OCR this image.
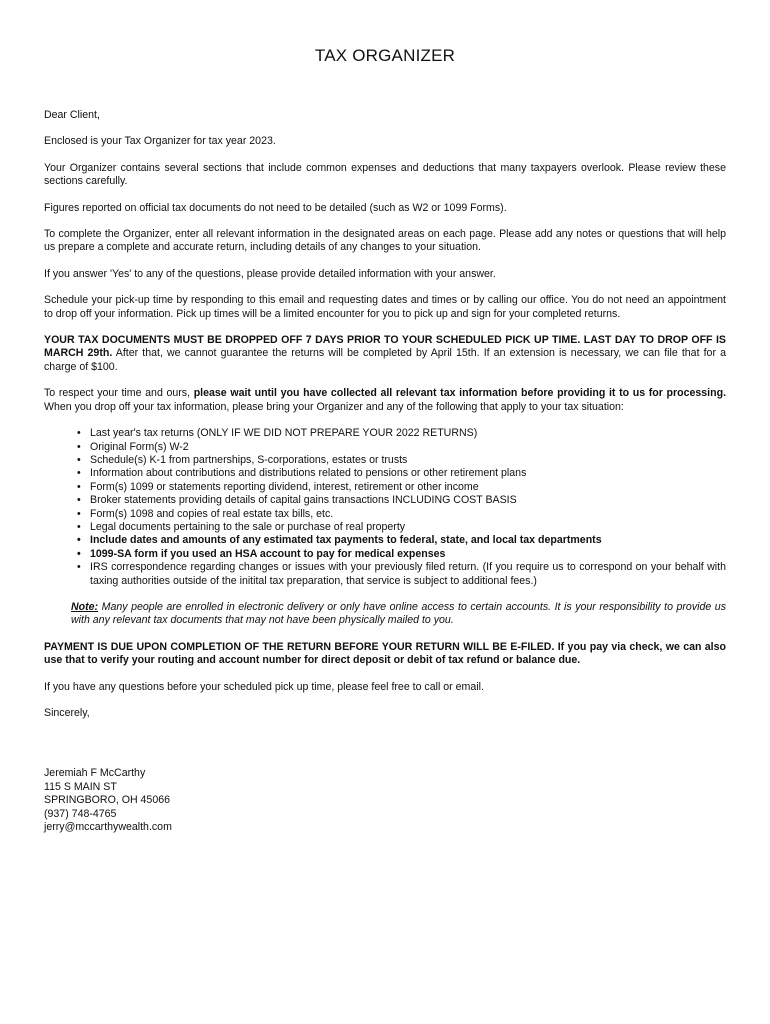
TAX ORGANIZER

Dear Client,

Enclosed is your Tax Organizer for tax year 2023.

Your Organizer contains several sections that include common expenses and deductions that many taxpayers overlook. Please review these sections carefully.

Figures reported on official tax documents do not need to be detailed (such as W2 or 1099 Forms).

To complete the Organizer, enter all relevant information in the designated areas on each page. Please add any notes or questions that will help us prepare a complete and accurate return, including details of any changes to your situation.

If you answer 'Yes' to any of the questions, please provide detailed information with your answer.

Schedule your pick-up time by responding to this email and requesting dates and times or by calling our office. You do not need an appointment to drop off your information. Pick up times will be a limited encounter for you to pick up and sign for your completed returns.

YOUR TAX DOCUMENTS MUST BE DROPPED OFF 7 DAYS PRIOR TO YOUR SCHEDULED PICK UP TIME. LAST DAY TO DROP OFF IS MARCH 29th. After that, we cannot guarantee the returns will be completed by April 15th. If an extension is necessary, we can file that for a charge of $100.

To respect your time and ours, please wait until you have collected all relevant tax information before providing it to us for processing. When you drop off your tax information, please bring your Organizer and any of the following that apply to your tax situation:

• Last year's tax returns (ONLY IF WE DID NOT PREPARE YOUR 2022 RETURNS)
• Original Form(s) W-2
• Schedule(s) K-1 from partnerships, S-corporations, estates or trusts
• Information about contributions and distributions related to pensions or other retirement plans
• Form(s) 1099 or statements reporting dividend, interest, retirement or other income
• Broker statements providing details of capital gains transactions INCLUDING COST BASIS
• Form(s) 1098 and copies of real estate tax bills, etc.
• Legal documents pertaining to the sale or purchase of real property
• Include dates and amounts of any estimated tax payments to federal, state, and local tax departments
• 1099-SA form if you used an HSA account to pay for medical expenses
• IRS correspondence regarding changes or issues with your previously filed return. (If you require us to correspond on your behalf with taxing authorities outside of the initital tax preparation, that service is subject to additional fees.)

Note: Many people are enrolled in electronic delivery or only have online access to certain accounts. It is your responsibility to provide us with any relevant tax documents that may not have been physically mailed to you.

PAYMENT IS DUE UPON COMPLETION OF THE RETURN BEFORE YOUR RETURN WILL BE E-FILED. If you pay via check, we can also use that to verify your routing and account number for direct deposit or debit of tax refund or balance due.

If you have any questions before your scheduled pick up time, please feel free to call or email.

Sincerely,

Jeremiah F McCarthy

115 S MAIN ST

SPRINGBORO, OH 45066

(937) 748-4765

jerry@mccarthywealth.com
